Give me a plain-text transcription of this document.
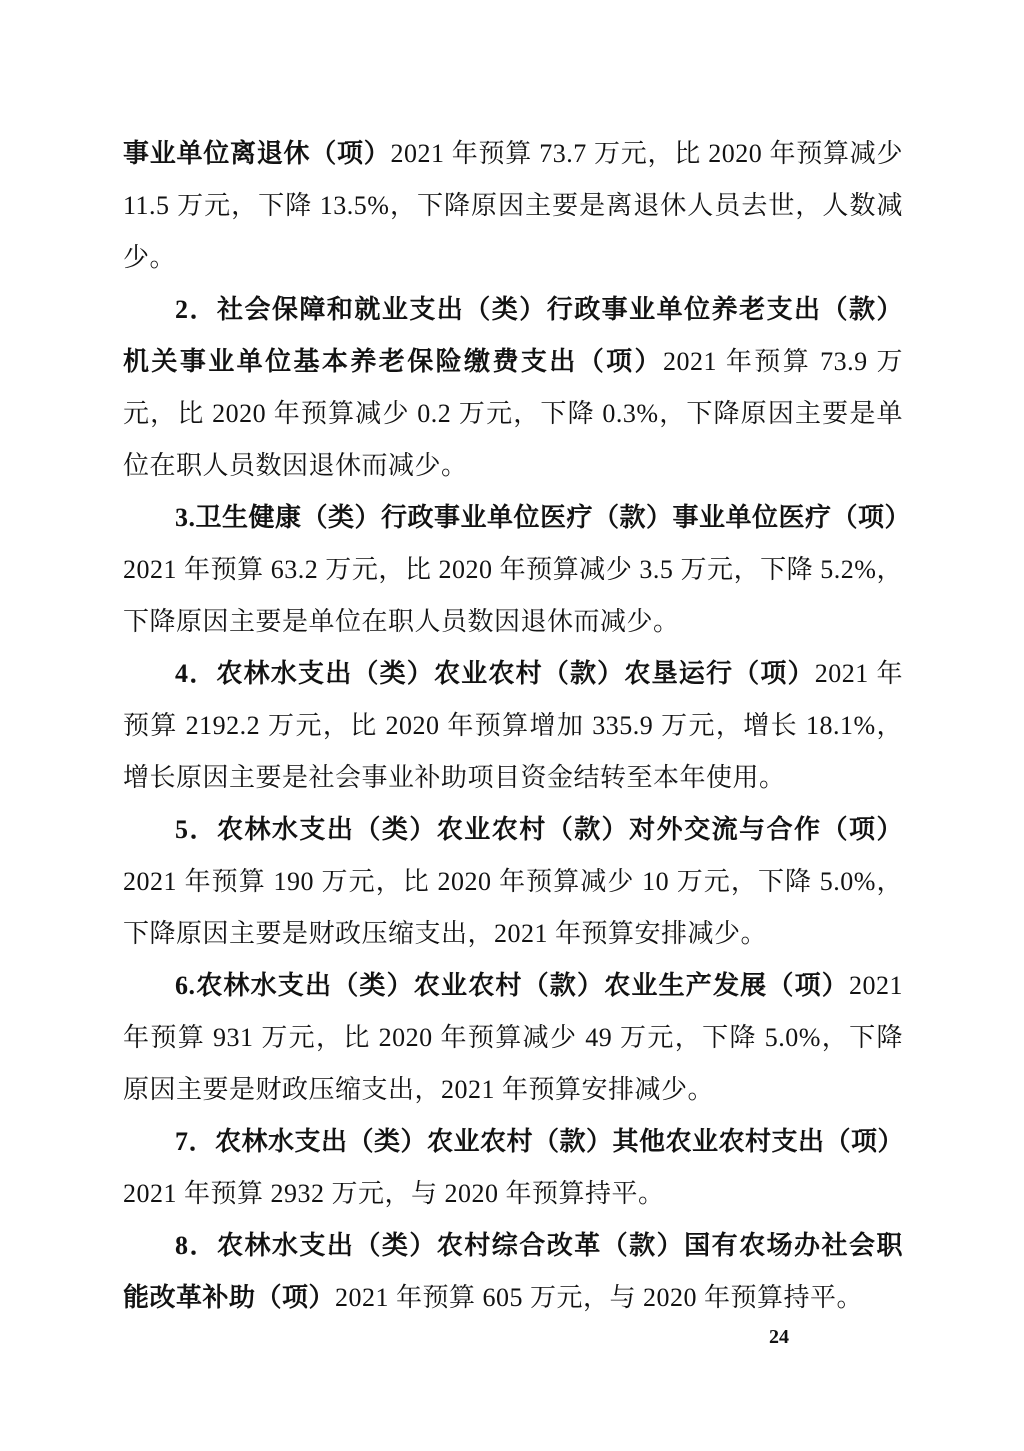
事业单位离退休（项）2021 年预算 73.7 万元，比 2020 年预算减少 11.5 万元，下降 13.5%，下降原因主要是离退休人员去世，人数减少。

2．社会保障和就业支出（类）行政事业单位养老支出（款）机关事业单位基本养老保险缴费支出（项）2021 年预算 73.9 万元，比 2020 年预算减少 0.2 万元，下降 0.3%，下降原因主要是单位在职人员数因退休而减少。

3.卫生健康（类）行政事业单位医疗（款）事业单位医疗（项）2021 年预算 63.2 万元，比 2020 年预算减少 3.5 万元，下降 5.2%，下降原因主要是单位在职人员数因退休而减少。

4．农林水支出（类）农业农村（款）农垦运行（项）2021 年预算 2192.2 万元，比 2020 年预算增加 335.9 万元，增长 18.1%，增长原因主要是社会事业补助项目资金结转至本年使用。

5．农林水支出（类）农业农村（款）对外交流与合作（项）2021 年预算 190 万元，比 2020 年预算减少 10 万元，下降 5.0%，下降原因主要是财政压缩支出，2021 年预算安排减少。

6.农林水支出（类）农业农村（款）农业生产发展（项）2021 年预算 931 万元，比 2020 年预算减少 49 万元，下降 5.0%，下降原因主要是财政压缩支出，2021 年预算安排减少。

7．农林水支出（类）农业农村（款）其他农业农村支出（项）2021 年预算 2932 万元，与 2020 年预算持平。

8．农林水支出（类）农村综合改革（款）国有农场办社会职能改革补助（项）2021 年预算 605 万元，与 2020 年预算持平。

24
